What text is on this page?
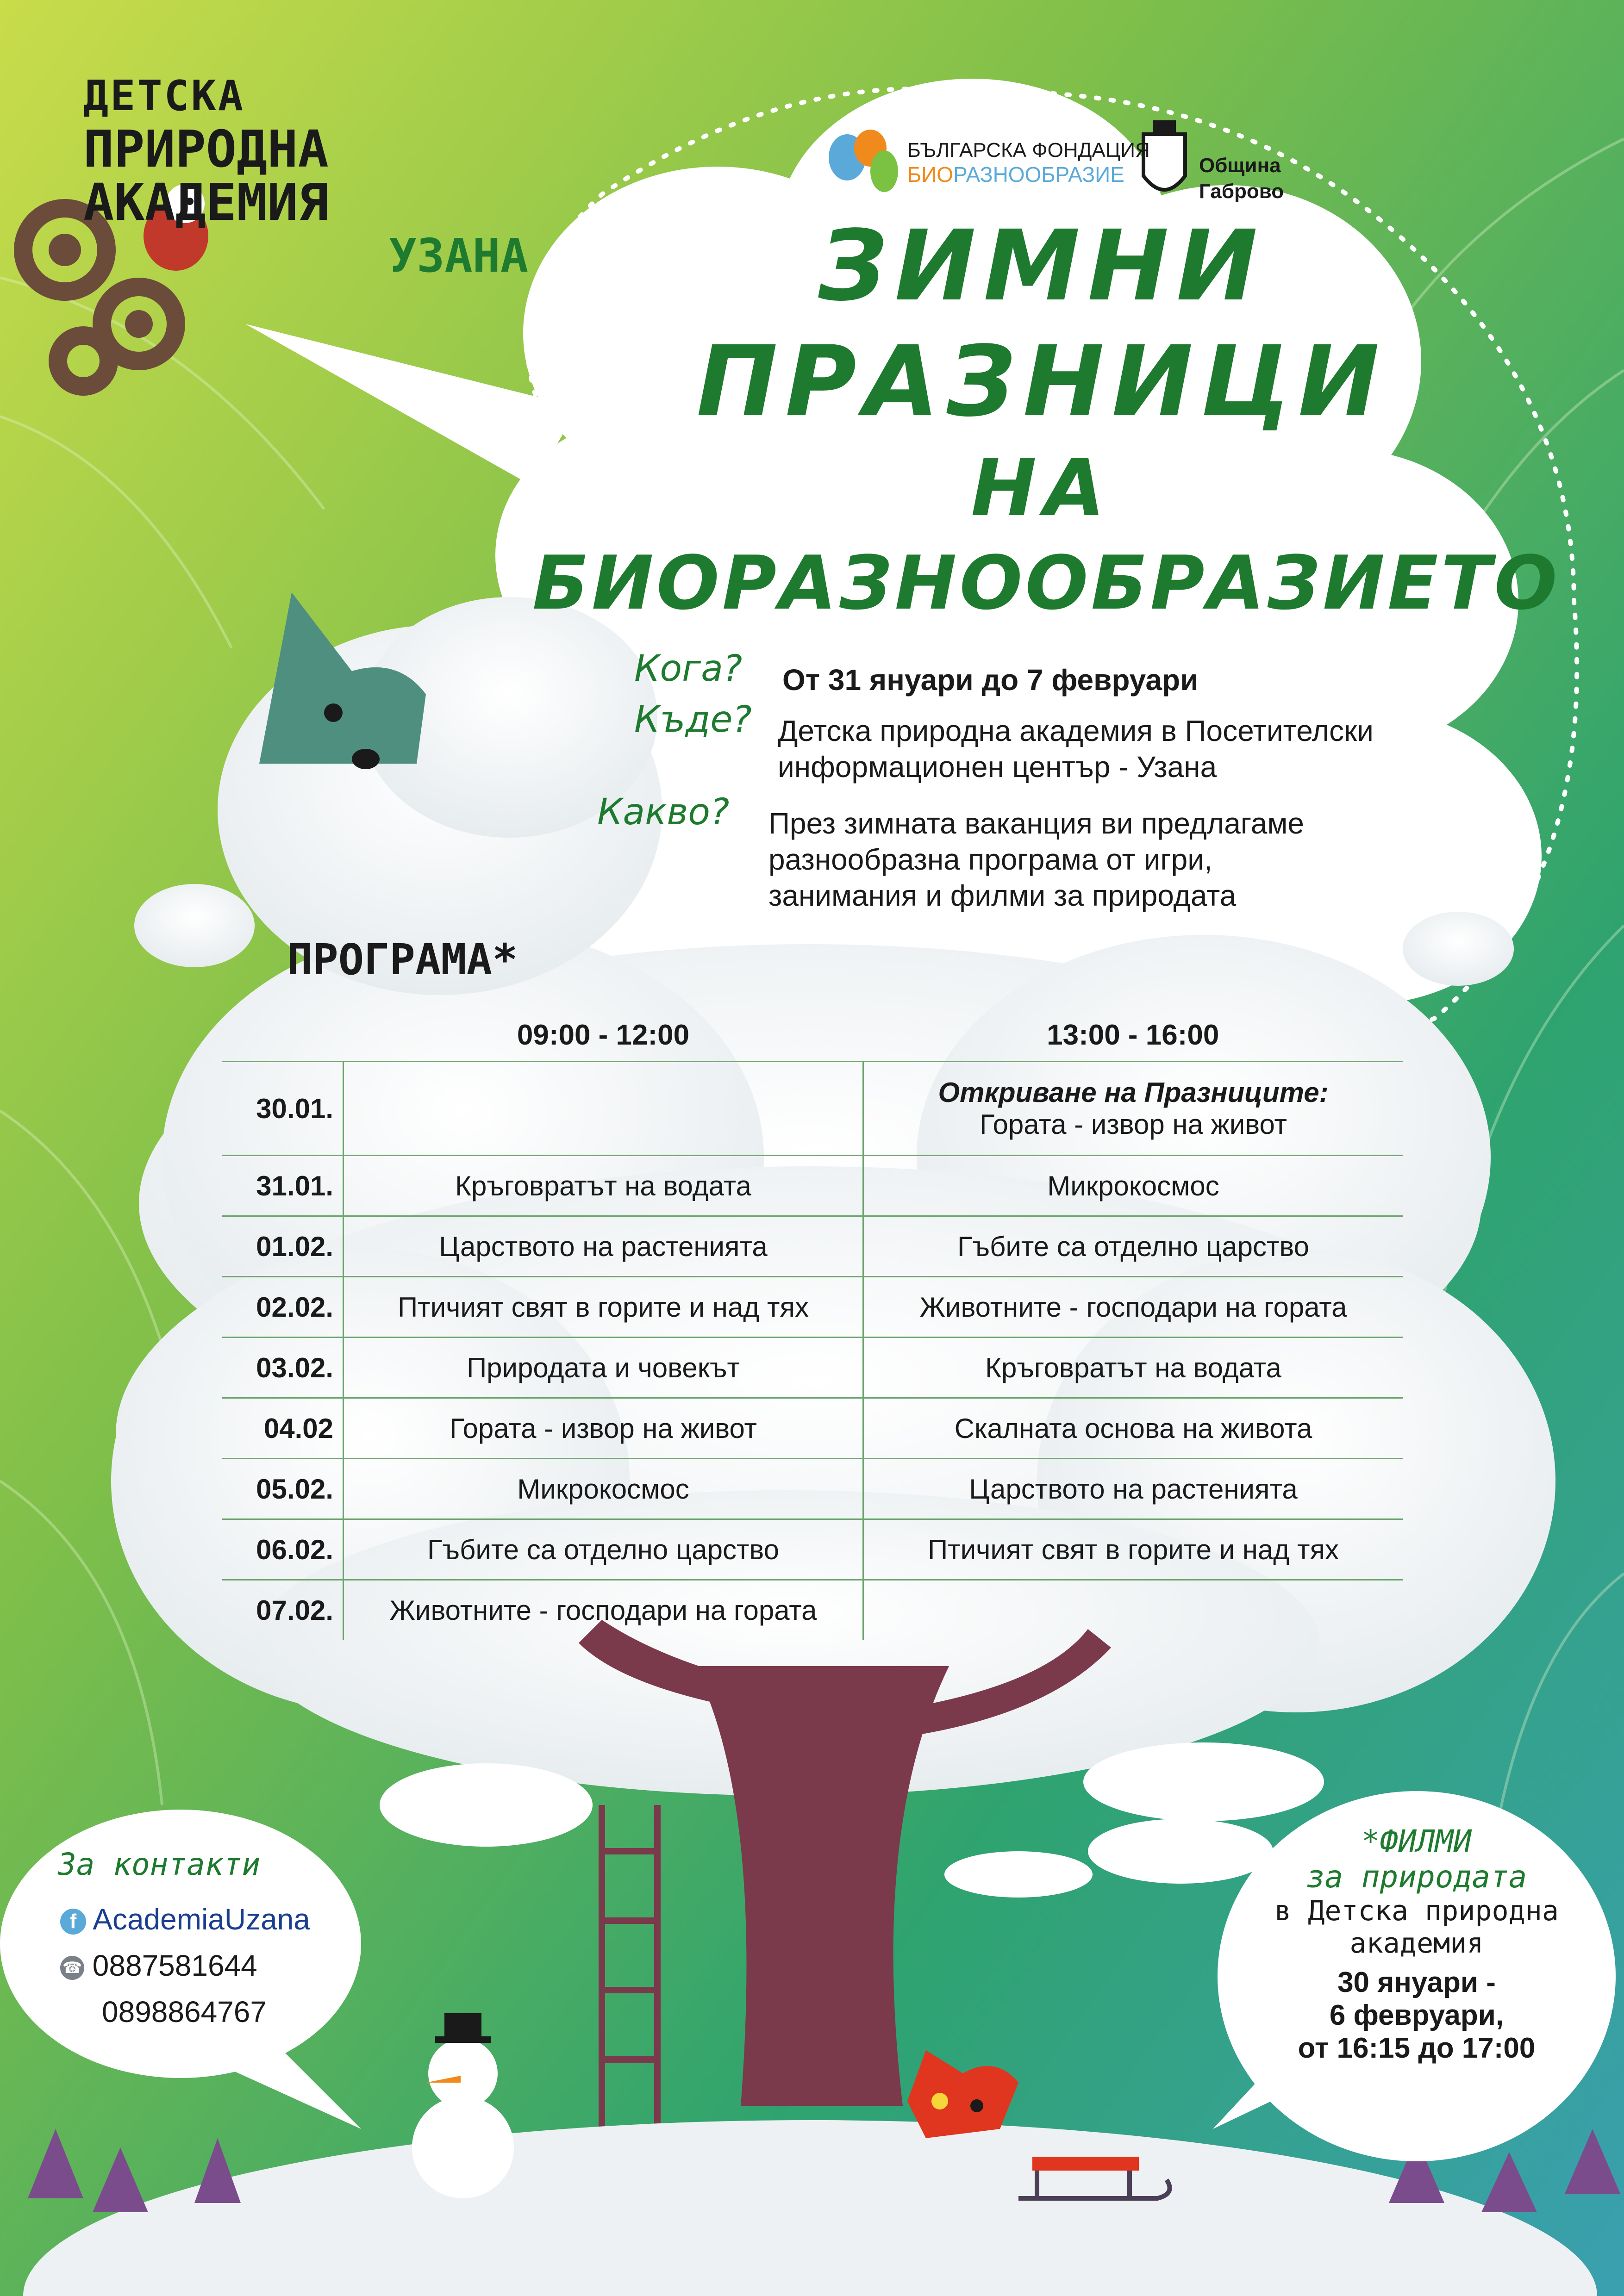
ДЕТСКА
ПРИРОДНА
АКАДЕМИЯ
УЗАНА
БЪЛГАРСКА ФОНДАЦИЯ
БИОРАЗНООБРАЗИЕ	Община
Габрово
ЗИМНИ
ПРАЗНИЦИ
НА
БИОРАЗНООБРАЗИЕТО
Кога? От 31 януари до 7 февруари
Къде? Детска природна академия в Посетителски
информационен център - Узана
Какво? През зимната ваканция ви предлагаме
разнообразна програма от игри,
занимания и филми за природата
ПРОГРАМА*
	09:00 - 12:00	13:00 - 16:00
30.01.		Откриване на Празниците:
Гората - извор на живот

31.01.	Кръговратът на водата	Микрокосмос
01.02.	Царството на растенията	Гъбите са отделно царство
02.02.	Птичият свят в горите и над тях	Животните - господари на гората
03.02.	Природата и човекът	Кръговратът на водата
04.02	Гората - извор на живот	Скалната основа на живота
05.02.	Микрокосмос	Царството на растенията
06.02.	Гъбите са отделно царство	Птичият свят в горите и над тях
07.02.	Животните - господари на гората	
За контакти
f AcademiaUzana
☎ 0887581644
0898864767
*ФИЛМИ
за природата
в Детска природна
академия
30 януари -
6 февруари,
от 16:15 до 17:00
